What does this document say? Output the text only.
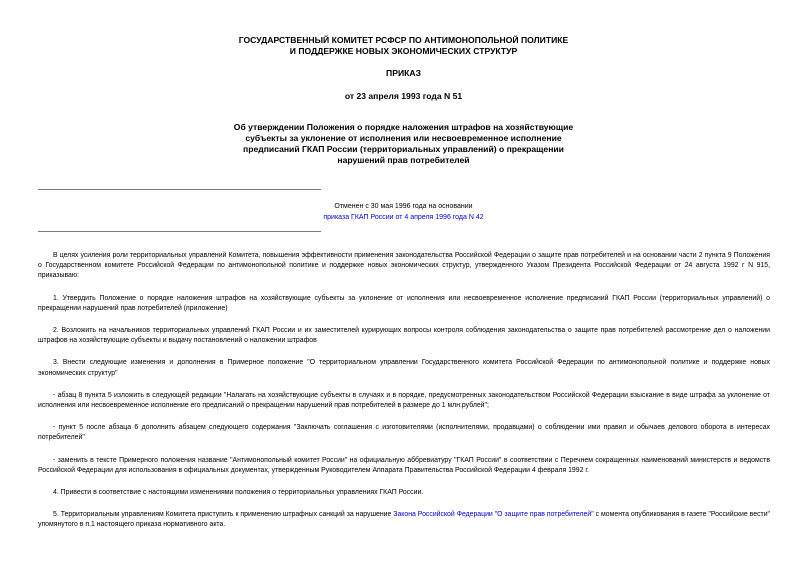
ГОСУДАРСТВЕННЫЙ КОМИТЕТ РСФСР ПО АНТИМОНОПОЛЬНОЙ ПОЛИТИКЕ
И ПОДДЕРЖКЕ НОВЫХ ЭКОНОМИЧЕСКИХ СТРУКТУР
ПРИКАЗ
от 23 апреля 1993 года N 51
Об утверждении Положения о порядке наложения штрафов на хозяйствующие субъекты за уклонение от исполнения или несвоевременное исполнение предписаний ГКАП России (территориальных управлений) о прекращении нарушений прав потребителей
Отменен с 30 мая 1996 года на основании
приказа ГКАП России от 4 апреля 1996 года N 42

В целях усиления роли территориальных управлений Комитета, повышения эффективности применения законодательства Российской Федерации о защите прав потребителей и на основании части 2 пункта 9 Положения о Государственном комитете Российской Федерации по антимонопольной политике и поддержке новых экономических структур, утвержденного Указом Президента Российской Федерации от 24 августа 1992 г N 915, приказываю:

1. Утвердить Положение о порядке наложения штрафов на хозяйствующие субъекты за уклонение от исполнения или несвоевременное исполнение предписаний ГКАП России (территориальных управлений) о прекращении нарушений прав потребителей (приложение)

2. Возложить на начальников территориальных управлений ГКАП России и их заместителей курирующих вопросы контроля соблюдения законодательства о защите прав потребителей рассмотрение дел о наложении штрафов на хозяйствующие субъекты и выдачу постановлений о наложении штрафов

3. Внести следующие изменения и дополнения в Примерное положение "О территориальном управлении Государственного комитета Российской Федерации по антимонопольной политике и поддержке новых экономических структур"

- абзац 8 пункта 5 изложить в следующей редакции "Налагать на хозяйствующие субъекты в случаях и в порядке, предусмотренных законодательством Российской Федерации взыскание в виде штрафа за уклонение от исполнения или несвоевременное исполнение его предписаний о прекращении нарушений прав потребителей в размере до 1 млн.рублей";

- пункт 5 после абзаца 6 дополнить абзацем следующего содержания "Заключать соглашения с изготовителями (исполнителями, продавцами) о соблюдении ими правил и обычаев делового оборота в интересах потребителей"

- заменить в тексте Примерного положения название "Антимонопольный комитет России" на официальную аббревиатуру "ГКАП России" в соответствии с Перечнем сокращенных наименований министерств и ведомств Российской Федерации для использования в официальных документах, утвержденным Руководителем Аппарата Правительства Российской Федерации 4 февраля 1992 г.

4. Привести в соответствие с настоящими изменениями положения о территориальных управлениях ГКАП России.

5. Территориальным управлениям Комитета приступить к применению штрафных санкций за нарушение Закона Российской Федерации "О защите прав потребителей" с момента опубликования в газете "Российские вести" упомянутого в п.1 настоящего приказа нормативного акта.
